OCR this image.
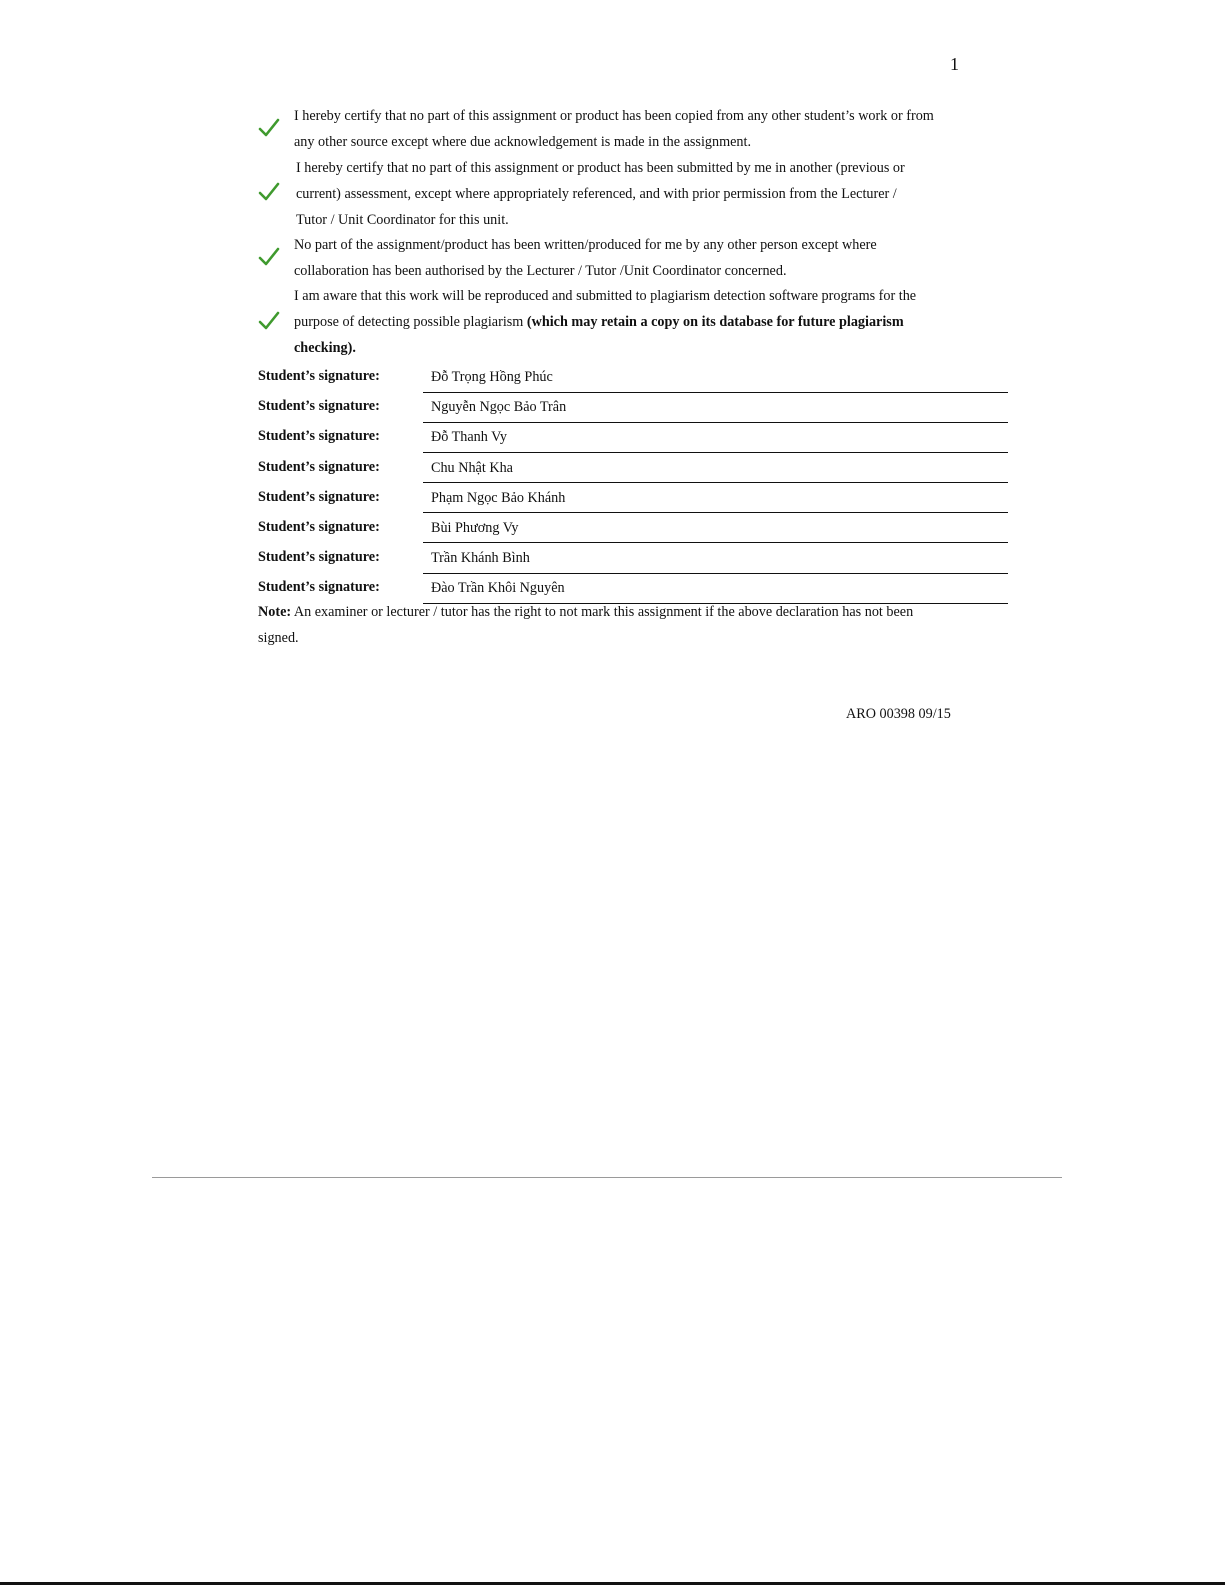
1
I hereby certify that no part of this assignment or product has been copied from any other student’s work or from
any other source except where due acknowledgement is made in the assignment.
I hereby certify that no part of this assignment or product has been submitted by me in another (previous or
current) assessment, except where appropriately referenced, and with prior permission from the Lecturer /
Tutor / Unit Coordinator for this unit.
No part of the assignment/product has been written/produced for me by any other person except where
collaboration has been authorised by the Lecturer / Tutor /Unit Coordinator concerned.
I am aware that this work will be reproduced and submitted to plagiarism detection software programs for the
purpose of detecting possible plagiarism (which may retain a copy on its database for future plagiarism
checking).
Student’s signature:	Đỗ Trọng Hồng Phúc
Student’s signature:	Nguyễn Ngọc Bảo Trân
Student’s signature:	Đỗ Thanh Vy
Student’s signature:	Chu Nhật Kha
Student’s signature:	Phạm Ngọc Bảo Khánh
Student’s signature:	Bùi Phương Vy
Student’s signature:	Trần Khánh Bình
Student’s signature:	Đào Trần Khôi Nguyên
Note: An examiner or lecturer / tutor has the right to not mark this assignment if the above declaration has not been
signed.
ARO 00398 09/15
